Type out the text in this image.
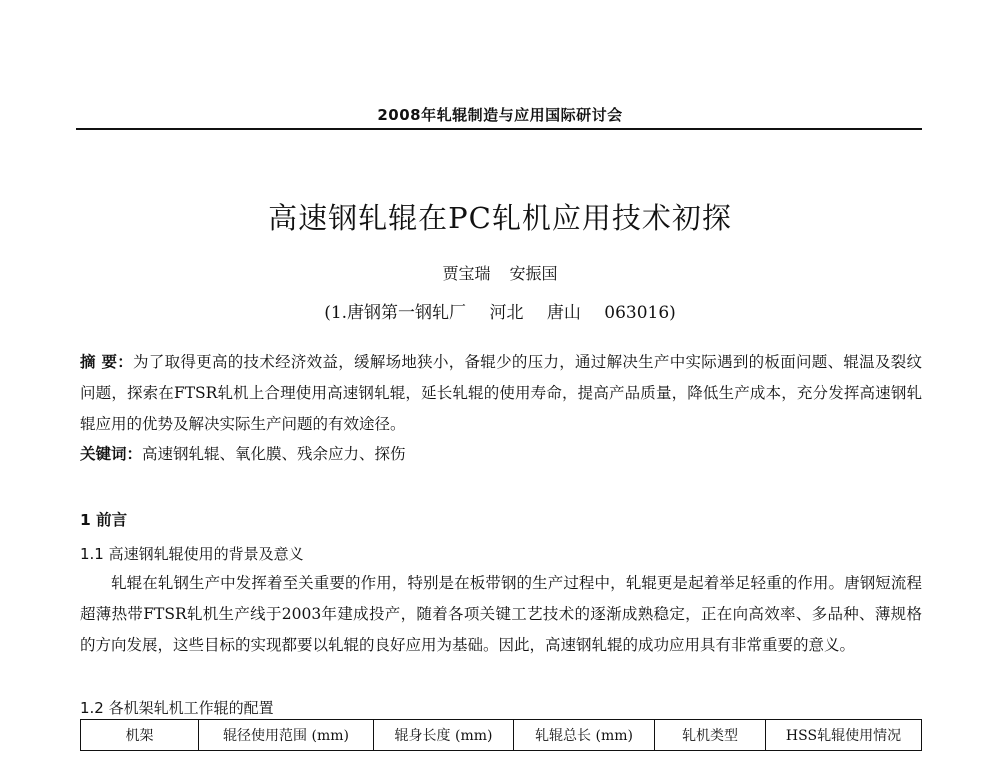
2008年轧辊制造与应用国际研讨会
高速钢轧辊在PC轧机应用技术初探
贾宝瑞 安振国
(1.唐钢第一钢轧厂 河北 唐山 063016)
摘 要：为了取得更高的技术经济效益，缓解场地狭小，备辊少的压力，通过解决生产中实际遇到的板面问题、辊温及裂纹问题，探索在FTSR轧机上合理使用高速钢轧辊，延长轧辊的使用寿命，提高产品质量，降低生产成本，充分发挥高速钢轧辊应用的优势及解决实际生产问题的有效途径。
关键词：高速钢轧辊、氧化膜、残余应力、探伤
1 前言
1.1 高速钢轧辊使用的背景及意义
轧辊在轧钢生产中发挥着至关重要的作用，特别是在板带钢的生产过程中，轧辊更是起着举足轻重的作用。唐钢短流程超薄热带FTSR轧机生产线于2003年建成投产，随着各项关键工艺技术的逐渐成熟稳定，正在向高效率、多品种、薄规格的方向发展，这些目标的实现都要以轧辊的良好应用为基础。因此，高速钢轧辊的成功应用具有非常重要的意义。
1.2 各机架轧机工作辊的配置
机架	辊径使用范围 (mm)	辊身长度 (mm)	轧辊总长 (mm)	轧机类型	HSS轧辊使用情况
